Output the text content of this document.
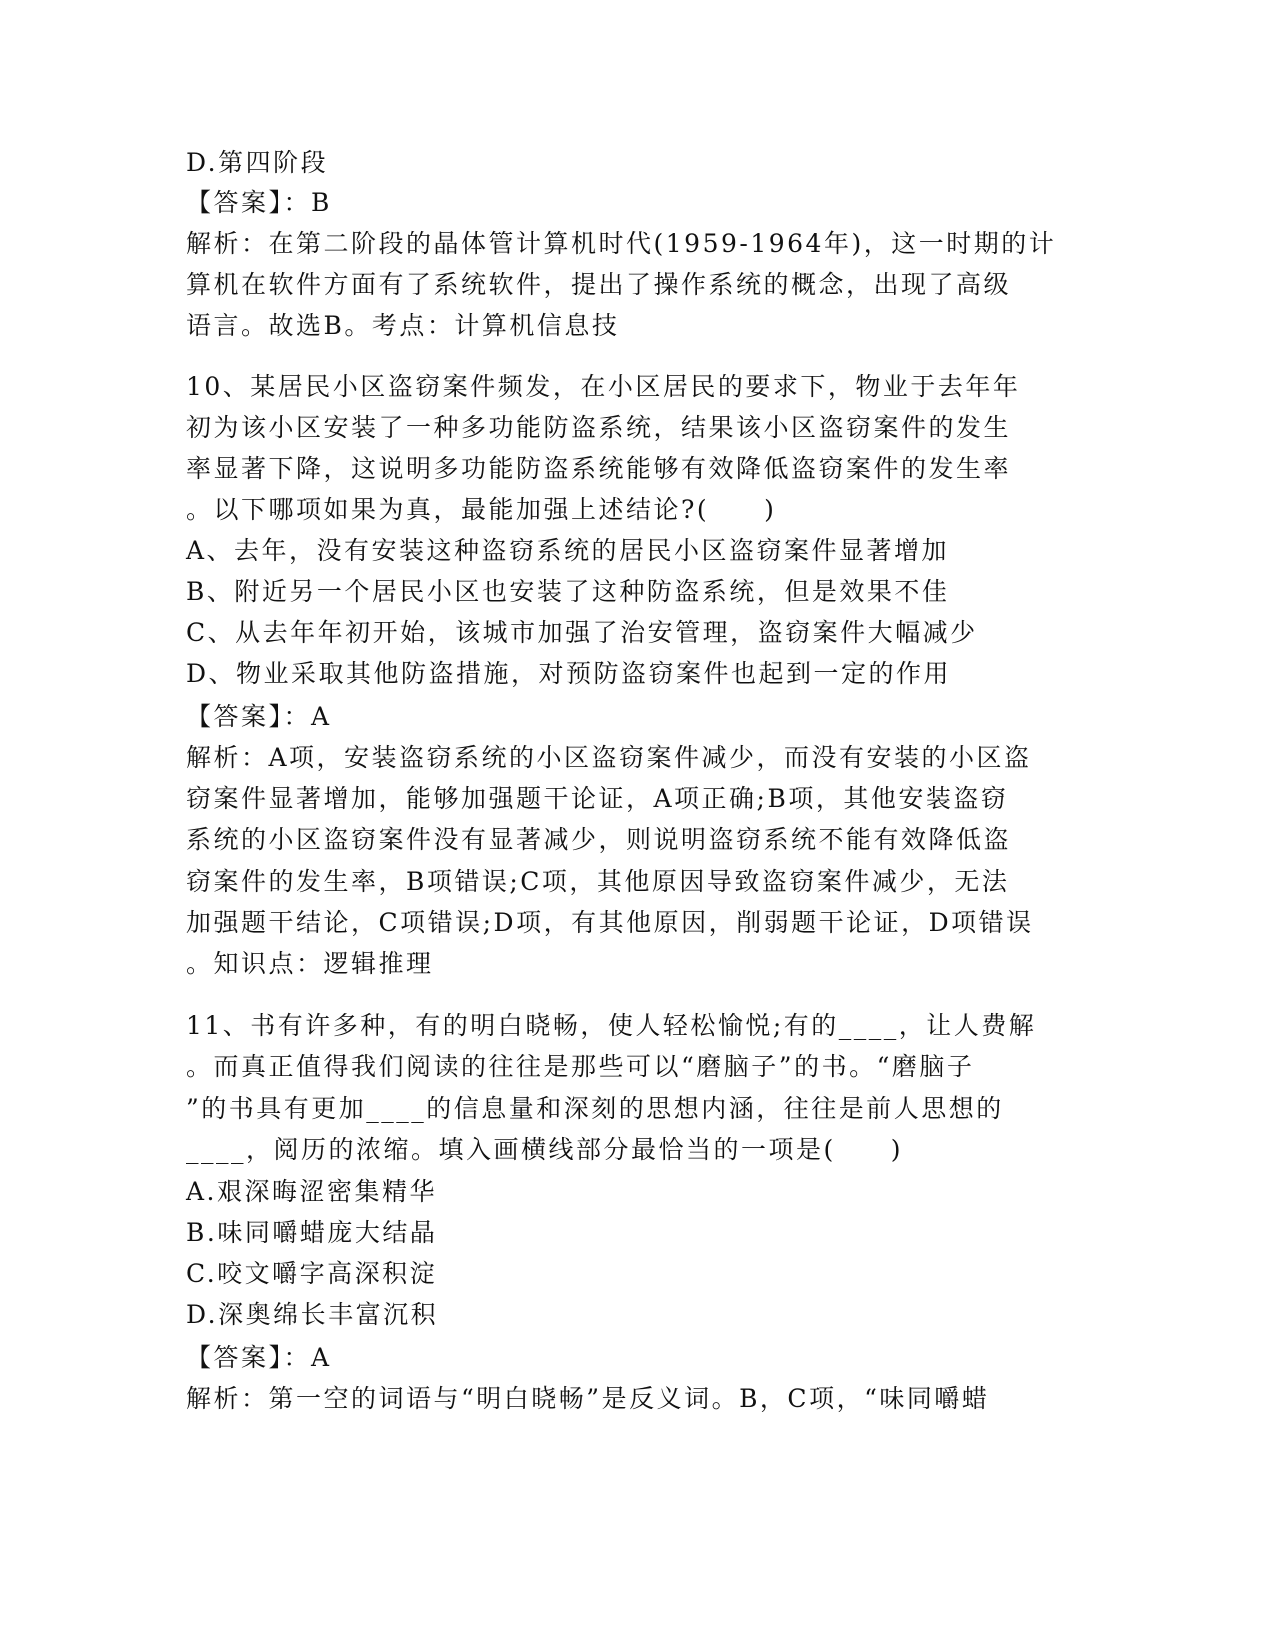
D.第四阶段
【答案】：B
解析：在第二阶段的晶体管计算机时代(1959-1964年)，这一时期的计
算机在软件方面有了系统软件，提出了操作系统的概念，出现了高级
语言。故选B。考点：计算机信息技
10、某居民小区盗窃案件频发，在小区居民的要求下，物业于去年年
初为该小区安装了一种多功能防盗系统，结果该小区盗窃案件的发生
率显著下降，这说明多功能防盗系统能够有效降低盗窃案件的发生率
。以下哪项如果为真，最能加强上述结论?(　　)
A、去年，没有安装这种盗窃系统的居民小区盗窃案件显著增加
B、附近另一个居民小区也安装了这种防盗系统，但是效果不佳
C、从去年年初开始，该城市加强了治安管理，盗窃案件大幅减少
D、物业采取其他防盗措施，对预防盗窃案件也起到一定的作用
【答案】：A
解析：A项，安装盗窃系统的小区盗窃案件减少，而没有安装的小区盗
窃案件显著增加，能够加强题干论证，A项正确;B项，其他安装盗窃
系统的小区盗窃案件没有显著减少，则说明盗窃系统不能有效降低盗
窃案件的发生率，B项错误;C项，其他原因导致盗窃案件减少，无法
加强题干结论，C项错误;D项，有其他原因，削弱题干论证，D项错误
。知识点：逻辑推理
11、书有许多种，有的明白晓畅，使人轻松愉悦;有的____，让人费解
。而真正值得我们阅读的往往是那些可以“磨脑子”的书。“磨脑子
”的书具有更加____的信息量和深刻的思想内涵，往往是前人思想的
____，阅历的浓缩。填入画横线部分最恰当的一项是(　　)
A.艰深晦涩密集精华
B.味同嚼蜡庞大结晶
C.咬文嚼字高深积淀
D.深奥绵长丰富沉积
【答案】：A
解析：第一空的词语与“明白晓畅”是反义词。B，C项，“味同嚼蜡
